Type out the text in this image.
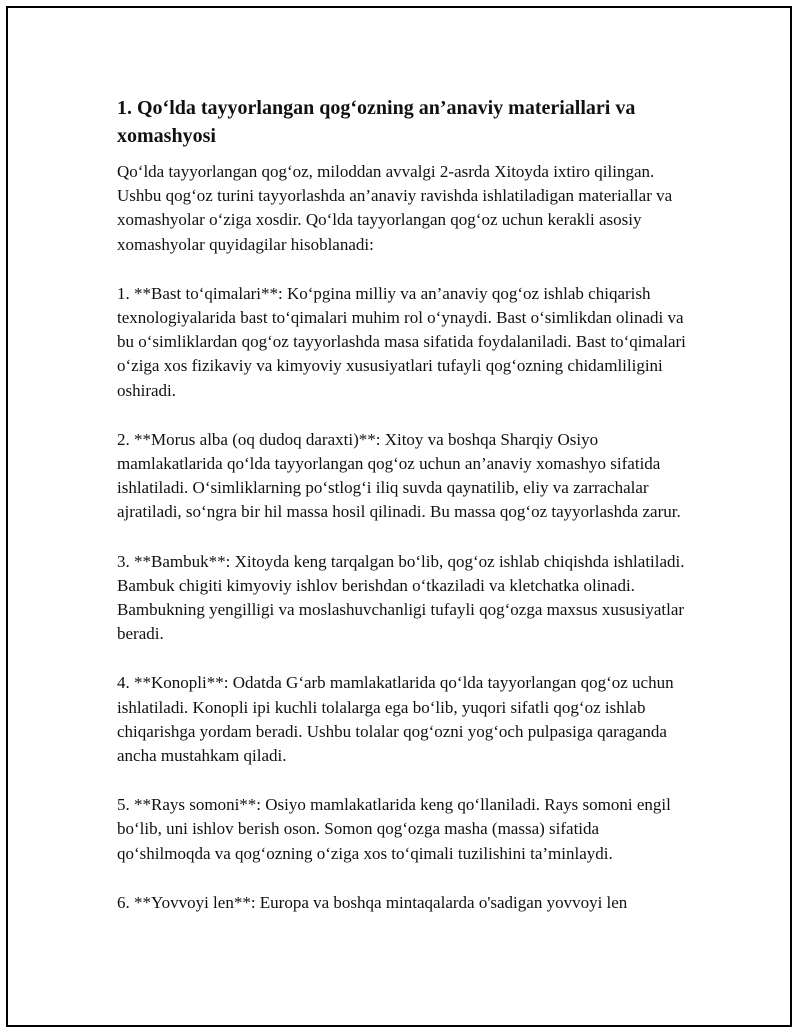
1. Qo‘lda tayyorlangan qog‘ozning an’anaviy materiallari va xomashyosi

Qo‘lda tayyorlangan qog‘oz, miloddan avvalgi 2-asrda Xitoyda ixtiro qilingan. Ushbu qog‘oz turini tayyorlashda an’anaviy ravishda ishlatiladigan materiallar va xomashyolar o‘ziga xosdir. Qo‘lda tayyorlangan qog‘oz uchun kerakli asosiy xomashyolar quyidagilar hisoblanadi:

1. **Bast to‘qimalari**: Ko‘pgina milliy va an’anaviy qog‘oz ishlab chiqarish texnologiyalarida bast to‘qimalari muhim rol o‘ynaydi. Bast o‘simlikdan olinadi va bu o‘simliklardan qog‘oz tayyorlashda masa sifatida foydalaniladi. Bast to‘qimalari o‘ziga xos fizikaviy va kimyoviy xususiyatlari tufayli qog‘ozning chidamliligini oshiradi.

2. **Morus alba (oq dudoq daraxti)**: Xitoy va boshqa Sharqiy Osiyo mamlakatlarida qo‘lda tayyorlangan qog‘oz uchun an’anaviy xomashyo sifatida ishlatiladi. O‘simliklarning po‘stlog‘i iliq suvda qaynatilib, eliy va zarrachalar ajratiladi, so‘ngra bir hil massa hosil qilinadi. Bu massa qog‘oz tayyorlashda zarur.

3. **Bambuk**: Xitoyda keng tarqalgan bo‘lib, qog‘oz ishlab chiqishda ishlatiladi. Bambuk chigiti kimyoviy ishlov berishdan o‘tkaziladi va kletchatka olinadi. Bambukning yengilligi va moslashuvchanligi tufayli qog‘ozga maxsus xususiyatlar beradi.

4. **Konopli**: Odatda G‘arb mamlakatlarida qo‘lda tayyorlangan qog‘oz uchun ishlatiladi. Konopli ipi kuchli tolalarga ega bo‘lib, yuqori sifatli qog‘oz ishlab chiqarishga yordam beradi. Ushbu tolalar qog‘ozni yog‘och pulpasiga qaraganda ancha mustahkam qiladi.

5. **Rays somoni**: Osiyo mamlakatlarida keng qo‘llaniladi. Rays somoni engil bo‘lib, uni ishlov berish oson. Somon qog‘ozga masha (massa) sifatida qo‘shilmoqda va qog‘ozning o‘ziga xos to‘qimali tuzilishini ta’minlaydi.

6. **Yovvoyi len**: Europa va boshqa mintaqalarda o'sadigan yovvoyi len
